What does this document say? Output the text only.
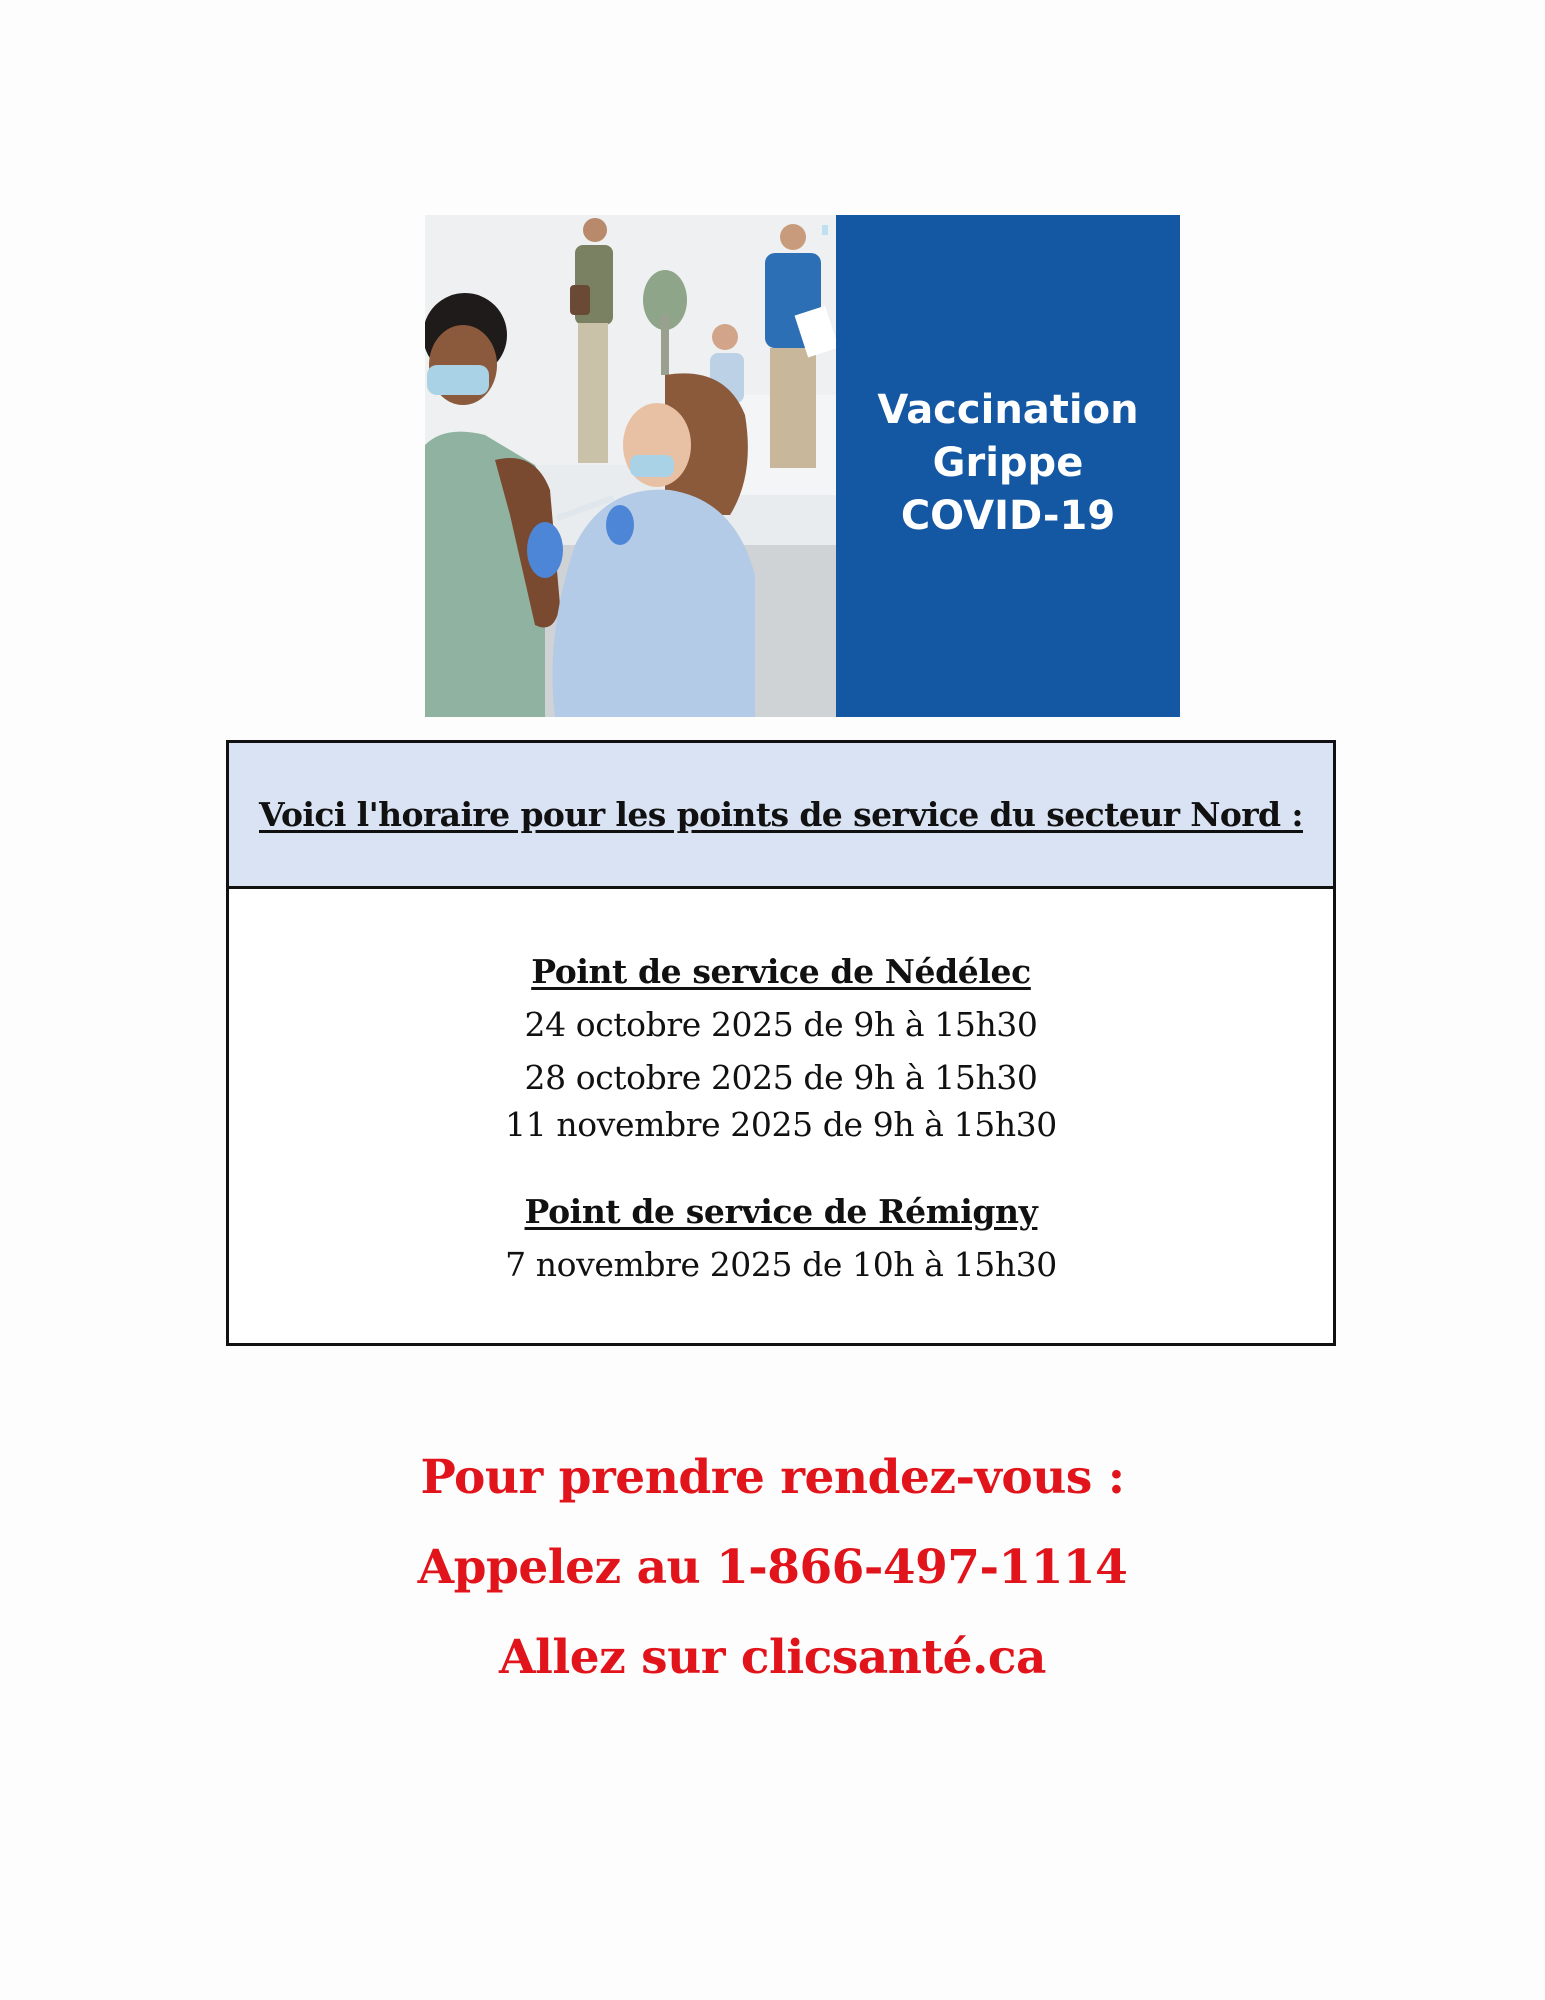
Vaccination
Grippe
COVID-19
Voici l'horaire pour les points de service du secteur Nord :
Point de service de Nédélec
24 octobre 2025 de 9h à 15h30
28 octobre 2025 de 9h à 15h30
11 novembre 2025 de 9h à 15h30
Point de service de Rémigny
7 novembre 2025 de 10h à 15h30
Pour prendre rendez-vous :
Appelez au 1-866-497-1114
Allez sur clicsanté.ca
